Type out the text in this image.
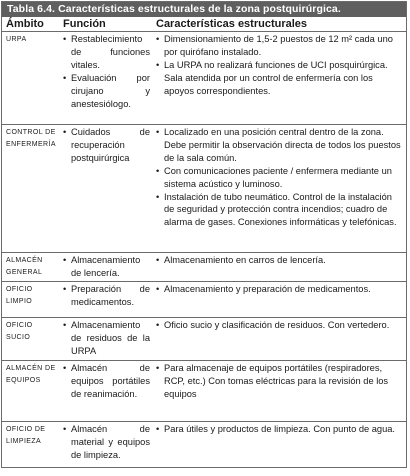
Tabla 6.4. Características estructurales de la zona postquirúrgica.
Ámbito	Función	Características estructurales
URPA
•	Restablecimiento de funciones vitales.
• Evaluación por cirujano y anestesiólogo.
• Dimensionamiento de 1,5-2 puestos de 12 m² cada uno por quirófano instalado.
• La URPA no realizará funciones de UCI posquirúrgica. Sala atendida por un control de enfermería con los apoyos correspondientes.
CONTROL DE ENFERMERÍA
• Cuidados de recuperación postquirúrgica
• Localizado en una posición central dentro de la zona. Debe permitir la observación directa de todos los puestos de la sala común.
• Con comunicaciones paciente / enfermera mediante un sistema acústico y luminoso.
• Instalación de tubo neumático. Control de la instalación de seguridad y protección contra incendios; cuadro de alarma de gases. Conexiones informáticas y telefónicas.
ALMACÉN GENERAL
• Almacenamiento de lencería.
• Almacenamiento en carros de lencería.
OFICIO LIMPIO
• Preparación de medicamentos.
• Almacenamiento y preparación de medicamentos.
OFICIO SUCIO
• Almacenamiento de residuos de la URPA
• Oficio sucio y clasificación de residuos. Con vertedero.
ALMACÉN DE EQUIPOS
• Almacén de equipos portátiles de reanimación.
• Para almacenaje de equipos portátiles (respiradores, RCP, etc.) Con tomas eléctricas para la revisión de los equipos
OFICIO DE LIMPIEZA
• Almacén de material y equipos de limpieza.
• Para útiles y productos de limpieza. Con punto de agua.
